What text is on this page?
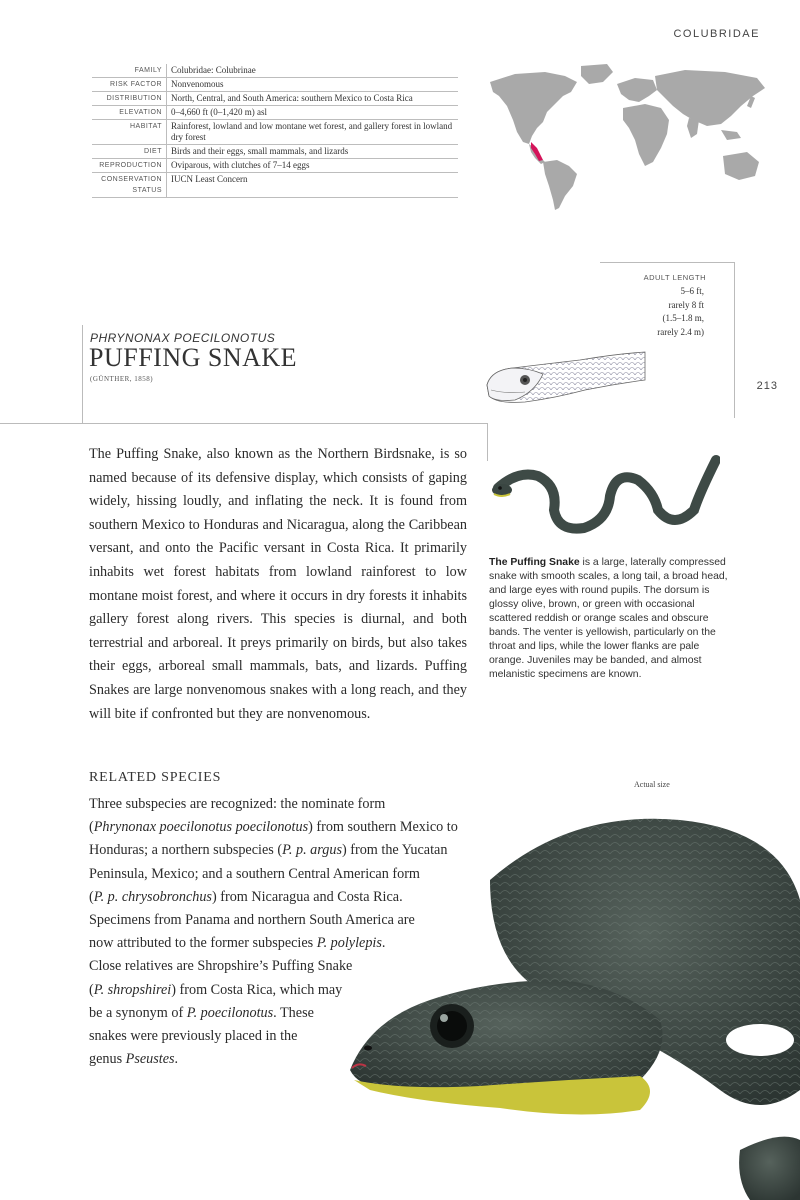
COLUBRIDAE
FAMILY	Colubridae: Colubrinae
RISK FACTOR	Nonvenomous
DISTRIBUTION	North, Central, and South America: southern Mexico to Costa Rica
ELEVATION	0–4,660 ft (0–1,420 m) asl
HABITAT	Rainforest, lowland and low montane wet forest, and gallery forest in lowland dry forest
DIET	Birds and their eggs, small mammals, and lizards
REPRODUCTION	Oviparous, with clutches of 7–14 eggs
CONSERVATION STATUS	IUCN Least Concern
ADULT LENGTH
5–6 ft,
rarely 8 ft
(1.5–1.8 m,
rarely 2.4 m)
213
PHRYNONAX POECILONOTUS
PUFFING SNAKE
(GÜNTHER, 1858)
The Puffing Snake, also known as the Northern Birdsnake, is so named because of its defensive display, which consists of gaping widely, hissing loudly, and inflating the neck. It is found from southern Mexico to Honduras and Nicaragua, along the Caribbean versant, and onto the Pacific versant in Costa Rica. It primarily inhabits wet forest habitats from lowland rainforest to low montane moist forest, and where it occurs in dry forests it inhabits gallery forest along rivers. This species is diurnal, and both terrestrial and arboreal. It preys primarily on birds, but also takes their eggs, arboreal small mammals, bats, and lizards. Puffing Snakes are large nonvenomous snakes with a long reach, and they will bite if confronted but they are nonvenomous.
The Puffing Snake is a large, laterally compressed snake with smooth scales, a long tail, a broad head, and large eyes with round pupils. The dorsum is glossy olive, brown, or green with occasional scattered reddish or orange scales and obscure bands. The venter is yellowish, particularly on the throat and lips, while the lower flanks are pale orange. Juveniles may be banded, and almost melanistic specimens are known.
RELATED SPECIES

Three subspecies are recognized: the nominate form

(Phrynonax poecilonotus poecilonotus) from southern Mexico to

Honduras; a northern subspecies (P. p. argus) from the Yucatan

Peninsula, Mexico; and a southern Central American form

(P. p. chrysobronchus) from Nicaragua and Costa Rica.

Specimens from Panama and northern South America are

now attributed to the former subspecies P. polylepis.

Close relatives are Shropshire’s Puffing Snake

(P. shropshirei) from Costa Rica, which may

be a synonym of P. poecilonotus. These

snakes were previously placed in the

genus Pseustes.

Actual size
